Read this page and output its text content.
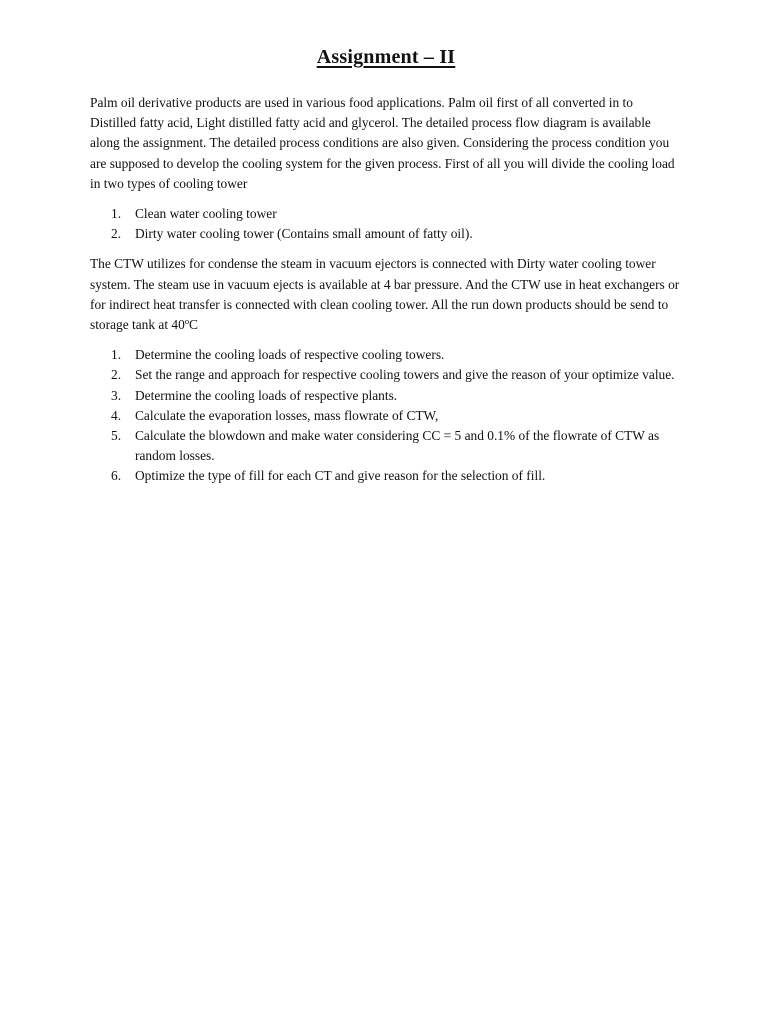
Assignment – II

Palm oil derivative products are used in various food applications. Palm oil first of all converted in to Distilled fatty acid, Light distilled fatty acid and glycerol. The detailed process flow diagram is available along the assignment. The detailed process conditions are also given. Considering the process condition you are supposed to develop the cooling system for the given process. First of all you will divide the cooling load in two types of cooling tower

1. Clean water cooling tower
2. Dirty water cooling tower (Contains small amount of fatty oil).

The CTW utilizes for condense the steam in vacuum ejectors is connected with Dirty water cooling tower system. The steam use in vacuum ejects is available at 4 bar pressure. And the CTW use in heat exchangers or for indirect heat transfer is connected with clean cooling tower. All the run down products should be send to storage tank at 40ºC

1. Determine the cooling loads of respective cooling towers.
2. Set the range and approach for respective cooling towers and give the reason of your optimize value.
3. Determine the cooling loads of respective plants.
4. Calculate the evaporation losses, mass flowrate of CTW,
5. Calculate the blowdown and make water considering CC = 5 and 0.1% of the flowrate of CTW as random losses.
6. Optimize the type of fill for each CT and give reason for the selection of fill.
